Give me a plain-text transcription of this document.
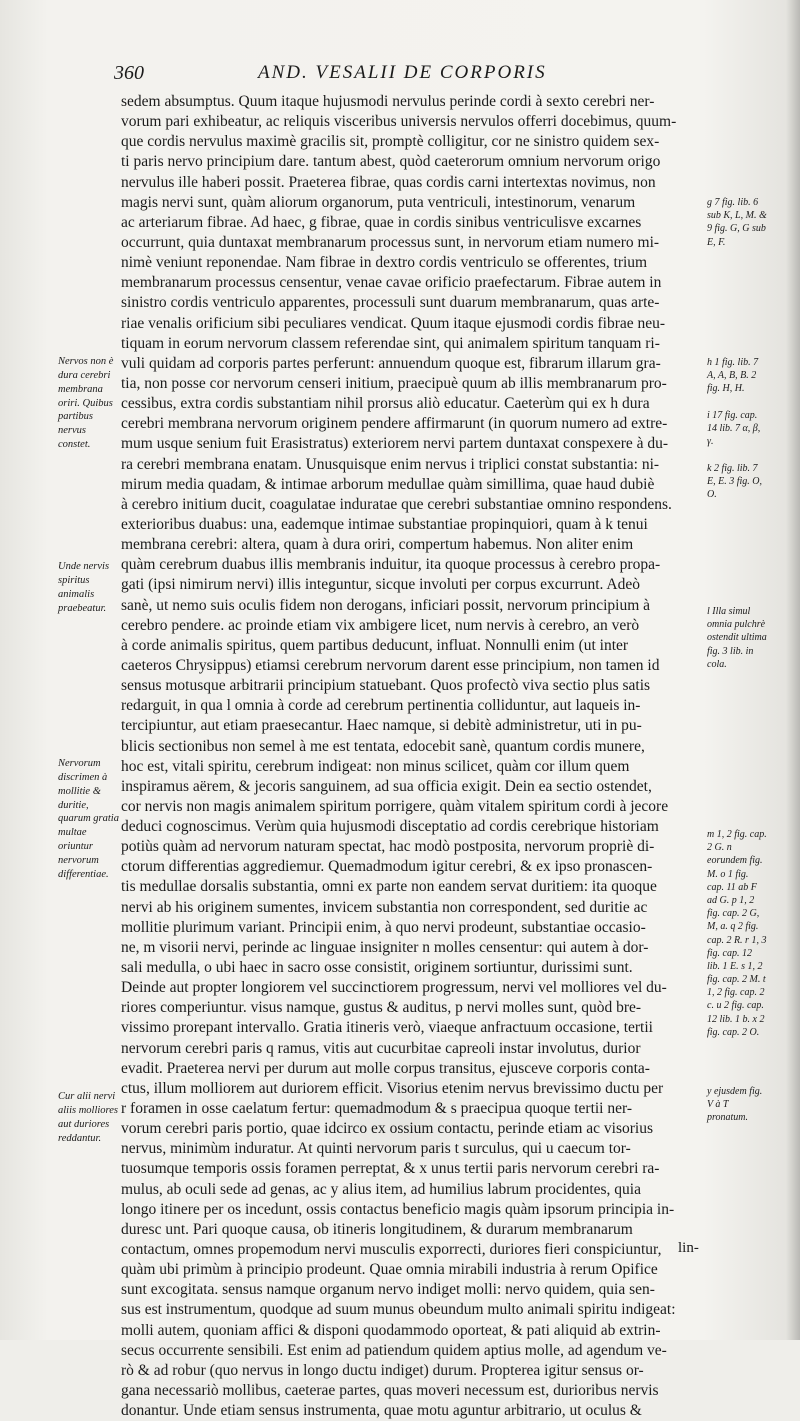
360	AND. VESALII DE CORPORIS
sedem absumptus. Quum itaque hujusmodi nervulus perinde cordi à sexto cerebri ner-
vorum pari exhibeatur, ac reliquis visceribus universis nervulos offerri docebimus, quum-
que cordis nervulus maximè gracilis sit, promptè colligitur, cor ne sinistro quidem sex-
ti paris nervo principium dare. tantum abest, quòd caeterorum omnium nervorum origo
nervulus ille haberi possit. Praeterea fibrae, quas cordis carni intertextas novimus, non
magis nervi sunt, quàm aliorum organorum, puta ventriculi, intestinorum, venarum
ac arteriarum fibrae. Ad haec, g fibrae, quae in cordis sinibus ventriculisve excarnes
occurrunt, quia duntaxat membranarum processus sunt, in nervorum etiam numero mi-
nimè veniunt reponendae. Nam fibrae in dextro cordis ventriculo se offerentes, trium
membranarum processus censentur, venae cavae orificio praefectarum. Fibrae autem in
sinistro cordis ventriculo apparentes, processuli sunt duarum membranarum, quas arte-
riae venalis orificium sibi peculiares vendicat. Quum itaque ejusmodi cordis fibrae neu-
tiquam in eorum nervorum classem referendae sint, qui animalem spiritum tanquam ri-
vuli quidam ad corporis partes perferunt: annuendum quoque est, fibrarum illarum gra-
tia, non posse cor nervorum censeri initium, praecipuè quum ab illis membranarum pro-
cessibus, extra cordis substantiam nihil prorsus aliò educatur. Caeterùm qui ex h dura
cerebri membrana nervorum originem pendere affirmarunt (in quorum numero ad extre-
mum usque senium fuit Erasistratus) exteriorem nervi partem duntaxat conspexere à du-
ra cerebri membrana enatam. Unusquisque enim nervus i triplici constat substantia: ni-
mirum media quadam, & intimae arborum medullae quàm simillima, quae haud dubiè
à cerebro initium ducit, coagulatae induratae que cerebri substantiae omnino respondens.
exterioribus duabus: una, eademque intimae substantiae propinquiori, quam à k tenui
membrana cerebri: altera, quam à dura oriri, compertum habemus. Non aliter enim
quàm cerebrum duabus illis membranis induitur, ita quoque processus à cerebro propa-
gati (ipsi nimirum nervi) illis integuntur, sicque involuti per corpus excurrunt. Adeò
sanè, ut nemo suis oculis fidem non derogans, inficiari possit, nervorum principium à
cerebro pendere. ac proinde etiam vix ambigere licet, num nervis à cerebro, an verò
à corde animalis spiritus, quem partibus deducunt, influat. Nonnulli enim (ut inter
caeteros Chrysippus) etiamsi cerebrum nervorum darent esse principium, non tamen id
sensus motusque arbitrarii principium statuebant. Quos profectò viva sectio plus satis
redarguit, in qua l omnia à corde ad cerebrum pertinentia colliduntur, aut laqueis in-
tercipiuntur, aut etiam praesecantur. Haec namque, si debitè administretur, uti in pu-
blicis sectionibus non semel à me est tentata, edocebit sanè, quantum cordis munere,
hoc est, vitali spiritu, cerebrum indigeat: non minus scilicet, quàm cor illum quem
inspiramus aërem, & jecoris sanguinem, ad sua officia exigit. Dein ea sectio ostendet,
cor nervis non magis animalem spiritum porrigere, quàm vitalem spiritum cordi à jecore
deduci cognoscimus. Verùm quia hujusmodi disceptatio ad cordis cerebrique historiam
potiùs quàm ad nervorum naturam spectat, hac modò postposita, nervorum propriè di-
ctorum differentias aggrediemur. Quemadmodum igitur cerebri, & ex ipso pronascen-
tis medullae dorsalis substantia, omni ex parte non eandem servat duritiem: ita quoque
nervi ab his originem sumentes, invicem substantia non correspondent, sed duritie ac
mollitie plurimum variant. Principii enim, à quo nervi prodeunt, substantiae occasio-
ne, m visorii nervi, perinde ac linguae insigniter n molles censentur: qui autem à dor-
sali medulla, o ubi haec in sacro osse consistit, originem sortiuntur, durissimi sunt.
Deinde aut propter longiorem vel succinctiorem progressum, nervi vel molliores vel du-
riores comperiuntur. visus namque, gustus & auditus, p nervi molles sunt, quòd bre-
vissimo prorepant intervallo. Gratia itineris verò, viaeque anfractuum occasione, tertii
nervorum cerebri paris q ramus, vitis aut cucurbitae capreoli instar involutus, durior
evadit. Praeterea nervi per durum aut molle corpus transitus, ejusceve corporis conta-
ctus, illum molliorem aut duriorem efficit. Visorius etenim nervus brevissimo ductu per
r foramen in osse caelatum fertur: quemadmodum & s praecipua quoque tertii ner-
vorum cerebri paris portio, quae idcirco ex ossium contactu, perinde etiam ac visorius
nervus, minimùm induratur. At quinti nervorum paris t surculus, qui u caecum tor-
tuosumque temporis ossis foramen perreptat, & x unus tertii paris nervorum cerebri ra-
mulus, ab oculi sede ad genas, ac y alius item, ad humilius labrum procidentes, quia
longo itinere per os incedunt, ossis contactus beneficio magis quàm ipsorum principia in-
duresc unt. Pari quoque causa, ob itineris longitudinem, & durarum membranarum
contactum, omnes propemodum nervi musculis exporrecti, duriores fieri conspiciuntur,
quàm ubi primùm à principio prodeunt. Quae omnia mirabili industria à rerum Opifice
sunt excogitata. sensus namque organum nervo indiget molli: nervo quidem, quia sen-
sus est instrumentum, quodque ad suum munus obeundum multo animali spiritu indigeat:
molli autem, quoniam affici & disponi quodammodo oporteat, & pati aliquid ab extrin-
secus occurrente sensibili. Est enim ad patiendum quidem aptius molle, ad agendum ve-
rò & ad robur (quo nervus in longo ductu indiget) durum. Propterea igitur sensus or-
gana necessariò mollibus, caeterae partes, quas moveri necessum est, durioribus nervis
donantur. Unde etiam sensus instrumenta, quae motu aguntur arbitrario, ut oculus &
Nervos non è dura cerebri membrana oriri. Quibus partibus nervus constet.
Unde nervis spiritus animalis praebeatur.
Nervorum discrimen à mollitie & duritie, quarum gratia multae oriuntur nervorum differentiae.
Cur alii nervi aliis molliores aut duriores reddantur.
g 7 fig. lib. 6 sub K, L, M. & 9 fig. G, G sub E, F.
h 1 fig. lib. 7 A, A, B, B. 2 fig. H, H.
i 17 fig. cap. 14 lib. 7 α, β, γ.
k 2 fig. lib. 7 E, E. 3 fig. O, O.
l Illa simul omnia pulchrè ostendit ultima fig. 3 lib. in cola.
m 1, 2 fig. cap. 2 G. n eorundem fig. M. o 1 fig. cap. 11 ab F ad G. p 1, 2 fig. cap. 2 G, M, a. q 2 fig. cap. 2 R. r 1, 3 fig. cap. 12 lib. 1 E. s 1, 2 fig. cap. 2 M. t 1, 2 fig. cap. 2 c. u 2 fig. cap. 12 lib. 1 b. x 2 fig. cap. 2 O.
y ejusdem fig. V à T pronatum.
lin-
